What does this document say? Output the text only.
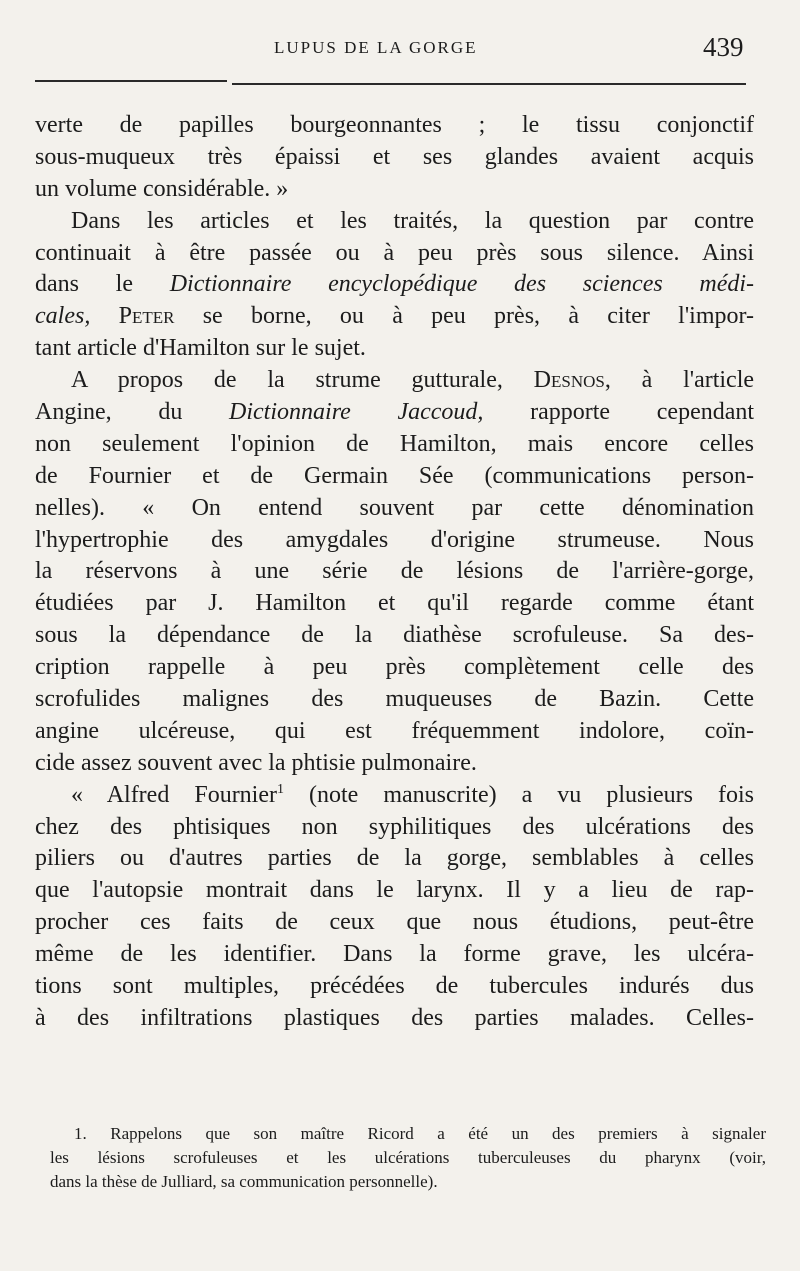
LUPUS DE LA GORGE	439
verte de papilles bourgeonnantes ; le tissu conjonctif
sous-muqueux très épaissi et ses glandes avaient acquis
un volume considérable. »
Dans les articles et les traités, la question par contre
continuait à être passée ou à peu près sous silence. Ainsi
dans le Dictionnaire encyclopédique des sciences médi-
cales, Peter se borne, ou à peu près, à citer l'impor-
tant article d'Hamilton sur le sujet.
A propos de la strume gutturale, Desnos, à l'article
Angine, du Dictionnaire Jaccoud, rapporte cependant
non seulement l'opinion de Hamilton, mais encore celles
de Fournier et de Germain Sée (communications person-
nelles). « On entend souvent par cette dénomination
l'hypertrophie des amygdales d'origine strumeuse. Nous
la réservons à une série de lésions de l'arrière-gorge,
étudiées par J. Hamilton et qu'il regarde comme étant
sous la dépendance de la diathèse scrofuleuse. Sa des-
cription rappelle à peu près complètement celle des
scrofulides malignes des muqueuses de Bazin. Cette
angine ulcéreuse, qui est fréquemment indolore, coïn-
cide assez souvent avec la phtisie pulmonaire.
« Alfred Fournier$^1$ (note manuscrite) a vu plusieurs fois
chez des phtisiques non syphilitiques des ulcérations des
piliers ou d'autres parties de la gorge, semblables à celles
que l'autopsie montrait dans le larynx. Il y a lieu de rap-
procher ces faits de ceux que nous étudions, peut-être
même de les identifier. Dans la forme grave, les ulcéra-
tions sont multiples, précédées de tubercules indurés dus
à des infiltrations plastiques des parties malades. Celles-
1. Rappelons que son maître Ricord a été un des premiers à signaler
les lésions scrofuleuses et les ulcérations tuberculeuses du pharynx (voir,
dans la thèse de Julliard, sa communication personnelle).
